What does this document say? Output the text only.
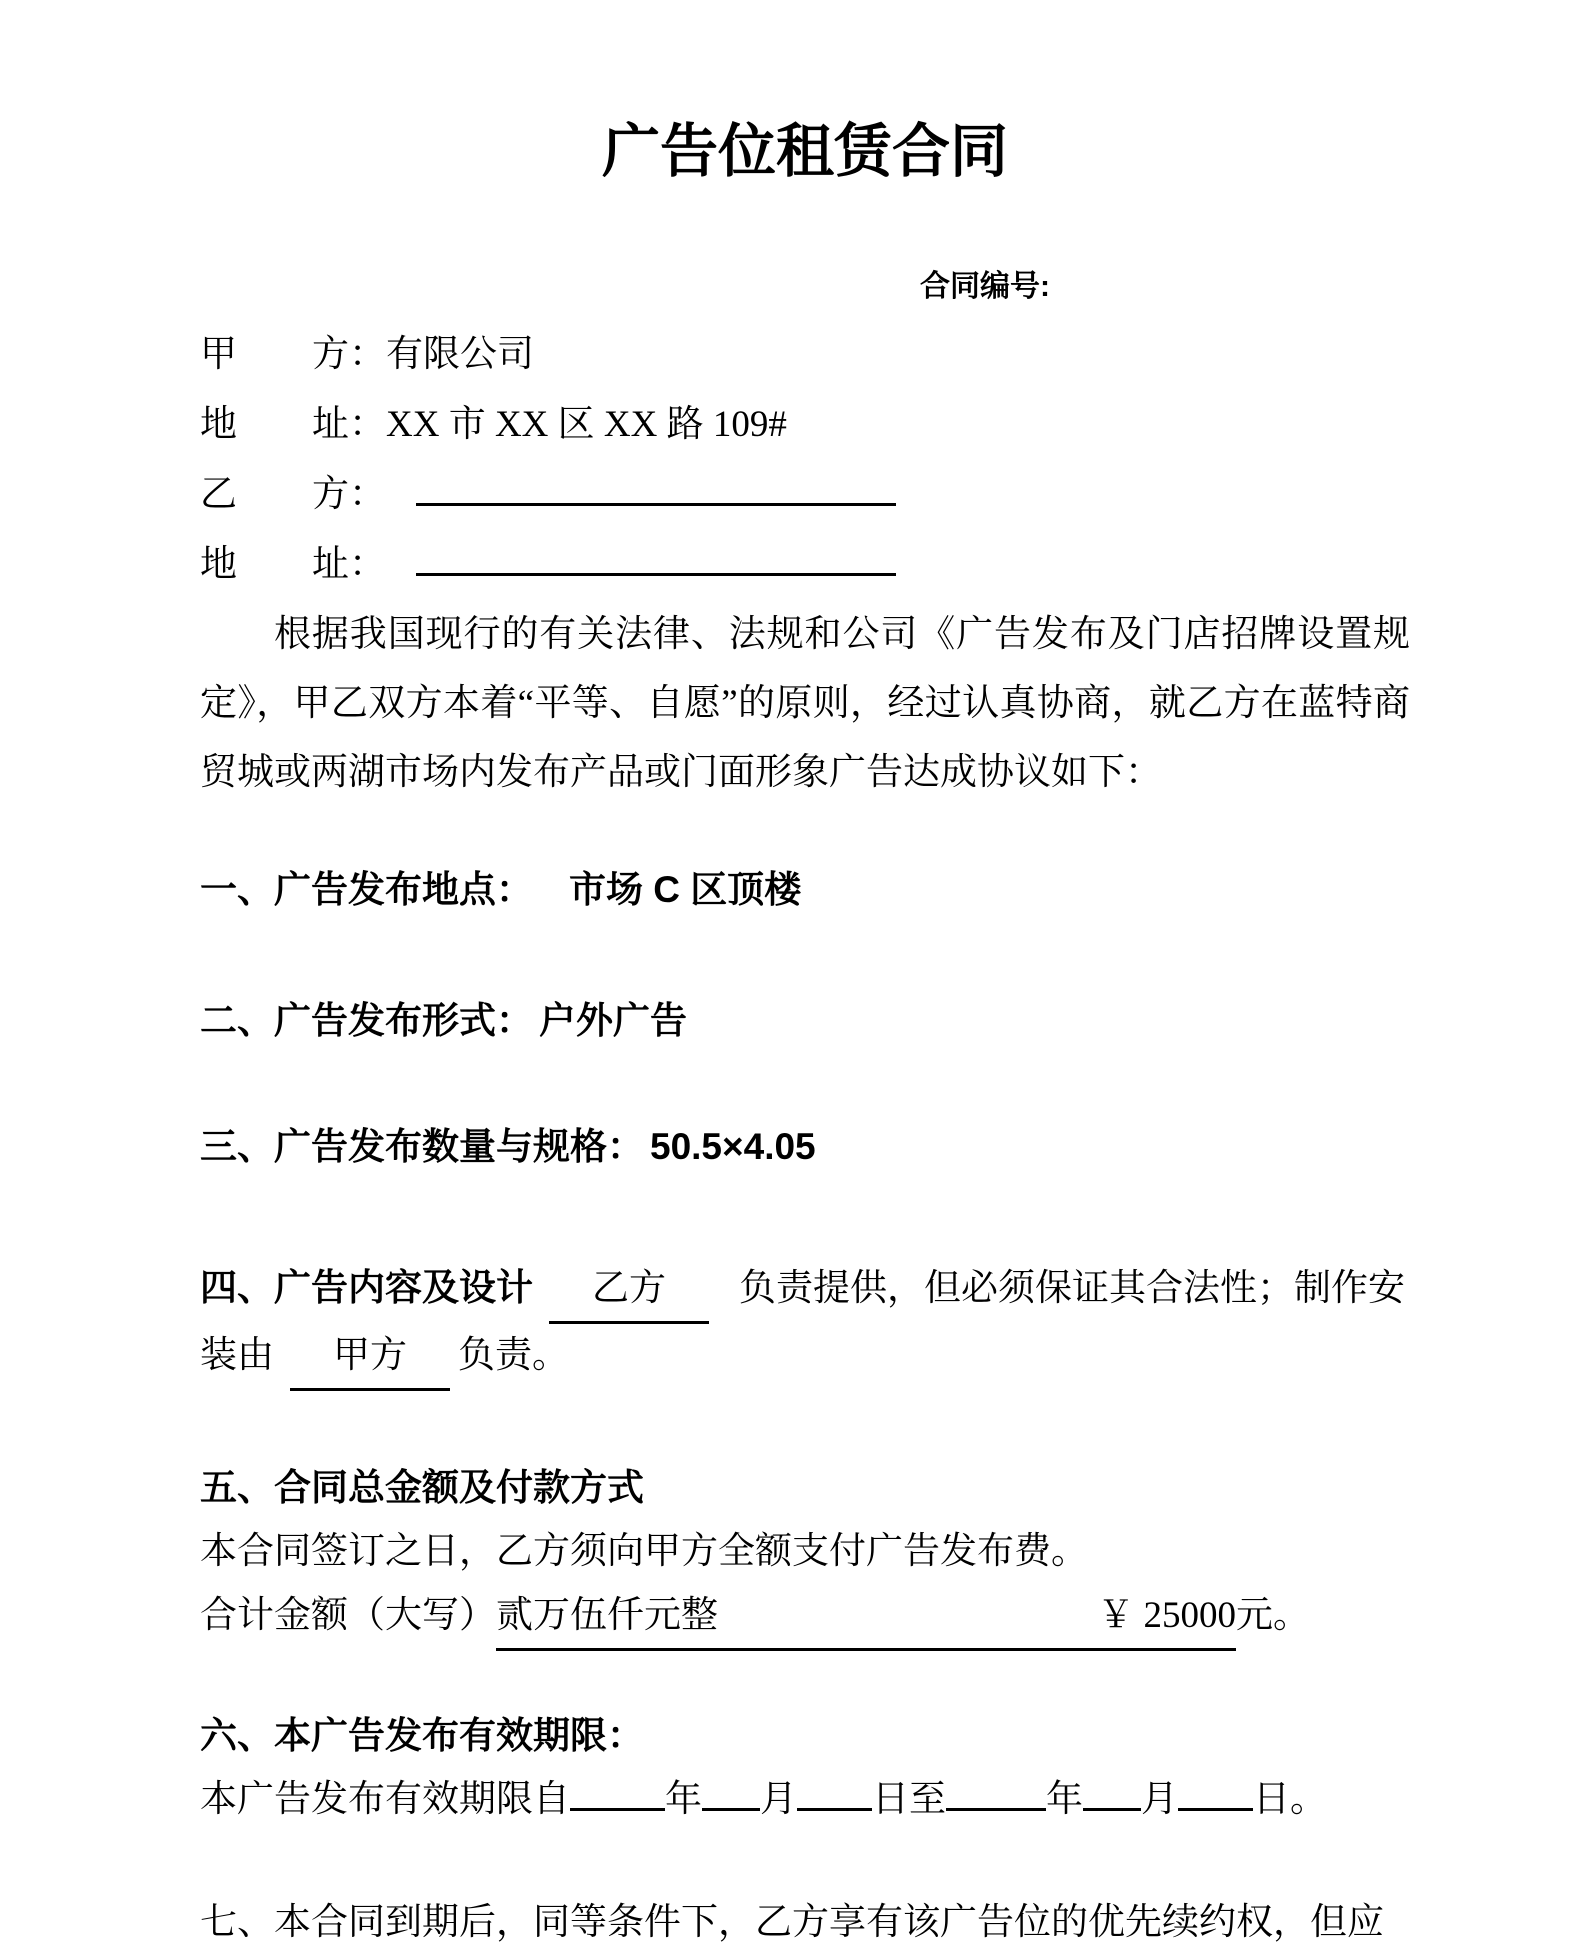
广告位租赁合同
合同编号:
甲 方：有限公司
地 址：XX 市 XX 区 XX 路 109#
乙 方：
地 址：

根据我国现行的有关法律、法规和公司《广告发布及门店招牌设置规定》，甲乙双方本着“平等、自愿”的原则，经过认真协商，就乙方在蓝特商贸城或两湖市场内发布产品或门面形象广告达成协议如下：

一、广告发布地点： 市场 C 区顶楼

二、广告发布形式： 户外广告

三、广告发布数量与规格： 50.5×4.05

四、广告内容及设计 乙方 负责提供，但必须保证其合法性；制作安装由 甲方 负责。

五、合同总金额及付款方式

本合同签订之日，乙方须向甲方全额支付广告发布费。

合计金额（大写） 贰万伍仟元整	￥ 25000 元。

六、本广告发布有效期限：

本广告发布有效期限自	年 月 日至	年 月 日。

七、本合同到期后，同等条件下，乙方享有该广告位的优先续约权，但应
